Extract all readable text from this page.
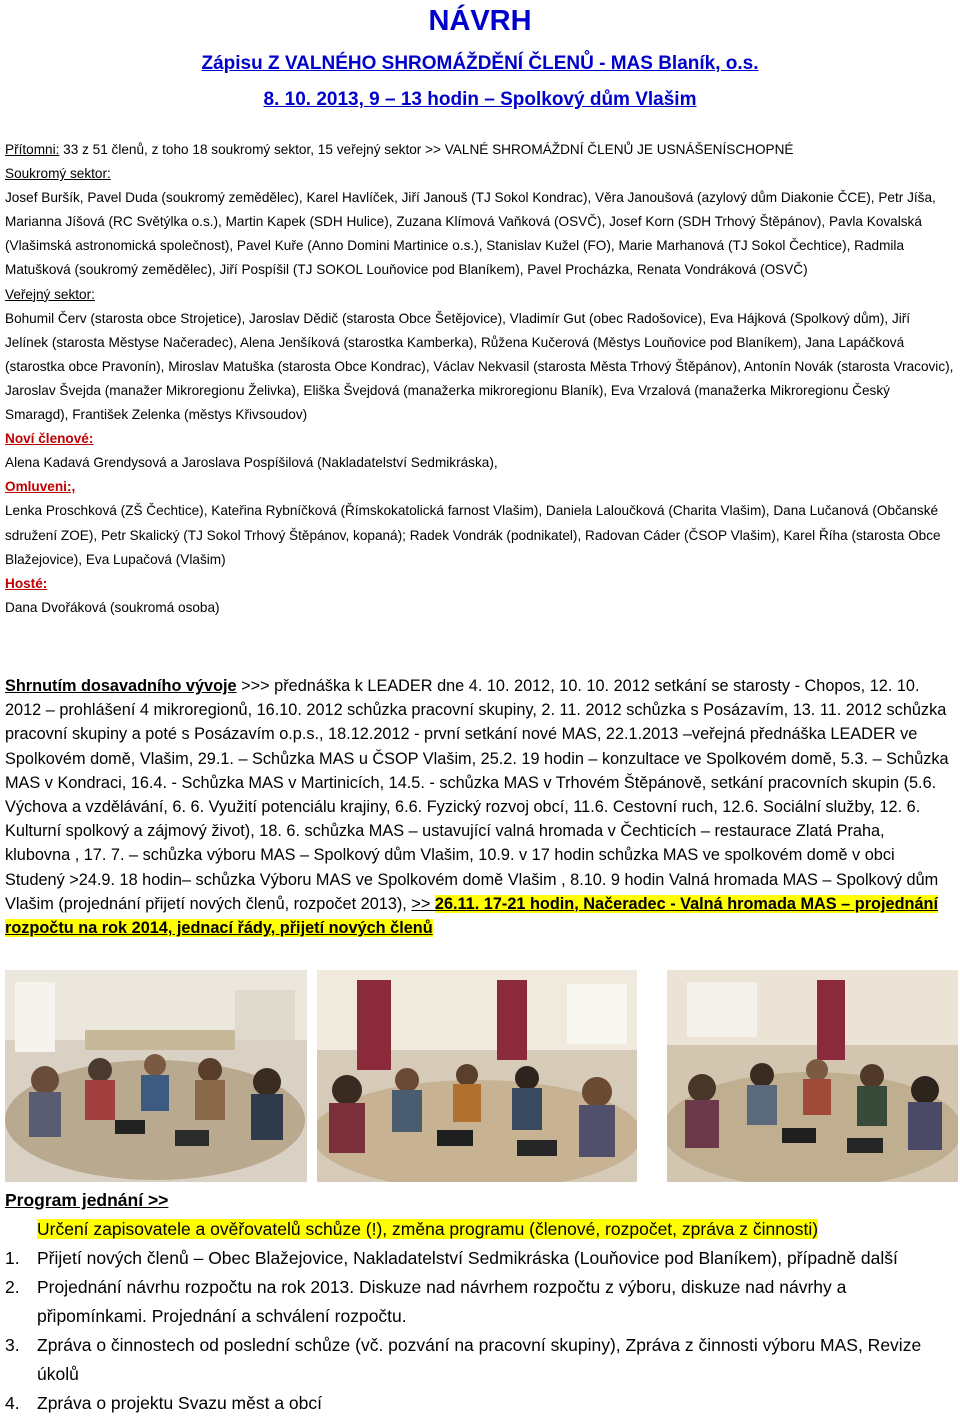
NÁVRH
Zápisu Z VALNÉHO SHROMÁŽDĚNÍ ČLENŮ - MAS Blaník, o.s.
8. 10. 2013, 9 – 13 hodin – Spolkový dům Vlašim

Přítomni: 33 z 51 členů, z toho 18 soukromý sektor, 15 veřejný sektor >> VALNÉ SHROMÁŽDNÍ ČLENŮ JE USNÁŠENÍSCHOPNÉ

Soukromý sektor:

Josef Buršík, Pavel Duda (soukromý zemědělec), Karel Havlíček, Jiří Janouš (TJ Sokol Kondrac), Věra Janoušová (azylový dům Diakonie ČCE), Petr Jíša, Marianna Jíšová (RC Světýlka o.s.), Martin Kapek (SDH Hulice), Zuzana Klímová Vaňková (OSVČ), Josef Korn (SDH Trhový Štěpánov), Pavla Kovalská (Vlašimská astronomická společnost), Pavel Kuře (Anno Domini Martinice o.s.), Stanislav Kužel (FO), Marie Marhanová (TJ Sokol Čechtice), Radmila Matušková (soukromý zemědělec), Jiří Pospíšil (TJ SOKOL Louňovice pod Blaníkem), Pavel Procházka, Renata Vondráková (OSVČ)

Veřejný sektor:

Bohumil Červ (starosta obce Strojetice), Jaroslav Dědič (starosta Obce Šetějovice), Vladimír Gut (obec Radošovice), Eva Hájková (Spolkový dům), Jiří Jelínek (starosta Městyse Načeradec), Alena Jenšíková (starostka Kamberka), Růžena Kučerová (Městys Louňovice pod Blaníkem), Jana Lapáčková (starostka obce Pravonín), Miroslav Matuška (starosta Obce Kondrac), Václav Nekvasil (starosta Města Trhový Štěpánov), Antonín Novák (starosta Vracovic), Jaroslav Švejda (manažer Mikroregionu Želivka), Eliška Švejdová (manažerka mikroregionu Blaník), Eva Vrzalová (manažerka Mikroregionu Český Smaragd), František Zelenka (městys Křivsoudov)

Noví členové:

Alena Kadavá Grendysová a Jaroslava Pospíšilová (Nakladatelství Sedmikráska),

Omluveni:,

Lenka Proschková (ZŠ Čechtice), Kateřina Rybníčková (Římskokatolická farnost Vlašim), Daniela Laloučková (Charita Vlašim), Dana Lučanová (Občanské sdružení ZOE), Petr Skalický (TJ Sokol Trhový Štěpánov, kopaná); Radek Vondrák (podnikatel), Radovan Cáder (ČSOP Vlašim), Karel Říha (starosta Obce Blažejovice), Eva Lupačová (Vlašim)

Hosté:

Dana Dvořáková (soukromá osoba)

Shrnutím dosavadního vývoje >>> přednáška k LEADER dne 4. 10. 2012, 10. 10. 2012 setkání se starosty - Chopos, 12. 10. 2012 – prohlášení 4 mikroregionů, 16.10. 2012 schůzka pracovní skupiny, 2. 11. 2012 schůzka s Posázavím, 13. 11. 2012 schůzka pracovní skupiny a poté s Posázavím o.p.s., 18.12.2012 - první setkání nové MAS, 22.1.2013 –veřejná přednáška LEADER ve Spolkovém domě, Vlašim, 29.1. – Schůzka MAS u ČSOP Vlašim, 25.2. 19 hodin – konzultace ve Spolkovém domě, 5.3. – Schůzka MAS v Kondraci, 16.4. - Schůzka MAS v Martinicích, 14.5. - schůzka MAS v Trhovém Štěpánově, setkání pracovních skupin (5.6. Výchova a vzdělávání, 6. 6. Využití potenciálu krajiny, 6.6. Fyzický rozvoj obcí, 11.6. Cestovní ruch, 12.6. Sociální služby, 12. 6. Kulturní spolkový a zájmový život), 18. 6. schůzka MAS – ustavující valná hromada v Čechticích – restaurace Zlatá Praha, klubovna , 17. 7. – schůzka výboru MAS – Spolkový dům Vlašim, 10.9. v 17 hodin schůzka MAS ve spolkovém domě v obci Studený >24.9. 18 hodin– schůzka Výboru MAS ve Spolkovém domě Vlašim , 8.10. 9 hodin Valná hromada MAS – Spolkový dům Vlašim (projednání přijetí nových členů, rozpočet 2013), >> 26.11. 17-21 hodin, Načeradec - Valná hromada MAS – projednání rozpočtu na rok 2014, jednací řády, přijetí nových členů
Program jednání >>
Určení zapisovatele a ověřovatelů schůze (!), změna programu (členové, rozpočet, zpráva z činnosti)
1. Přijetí nových členů – Obec Blažejovice, Nakladatelství Sedmikráska (Louňovice pod Blaníkem), případně další
2. Projednání návrhu rozpočtu na rok 2013. Diskuze nad návrhem rozpočtu z výboru, diskuze nad návrhy a připomínkami. Projednání a schválení rozpočtu.
3. Zpráva o činnostech od poslední schůze (vč. pozvání na pracovní skupiny), Zpráva z činnosti výboru MAS, Revize úkolů
4. Zpráva o projektu Svazu měst a obcí
